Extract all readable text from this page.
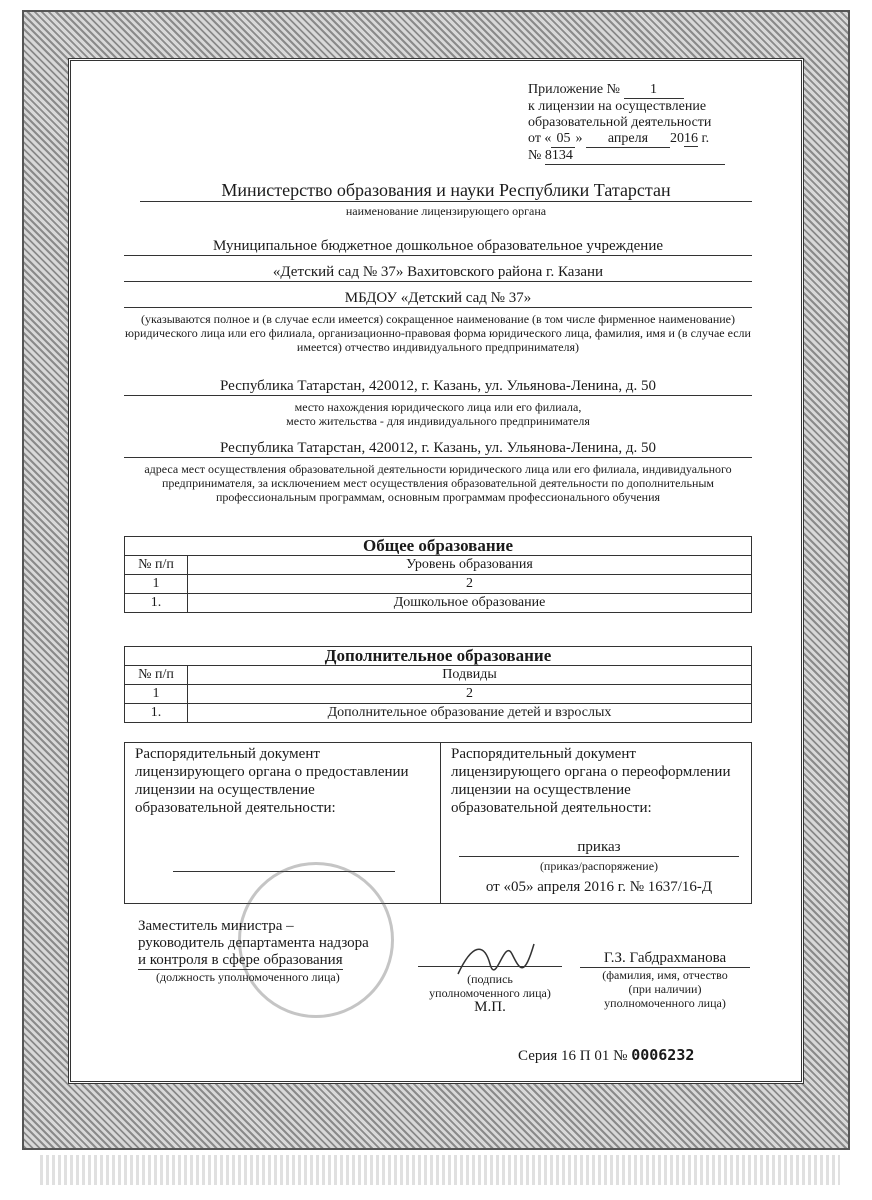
Приложение № 1
к лицензии на осуществление
образовательной деятельности
от « 05 » апреля 2016 г.
№ 8134
Министерство образования и науки Республики Татарстан
наименование лицензирующего органа
Муниципальное бюджетное дошкольное образовательное учреждение
«Детский сад № 37» Вахитовского района г. Казани
МБДОУ «Детский сад № 37»
(указываются полное и (в случае если имеется) сокращенное наименование (в том числе фирменное наименование) юридического лица или его филиала, организационно-правовая форма юридического лица, фамилия, имя и (в случае если имеется) отчество индивидуального предпринимателя)
Республика Татарстан, 420012, г. Казань, ул. Ульянова-Ленина, д. 50
место нахождения юридического лица или его филиала,
место жительства - для индивидуального предпринимателя
Республика Татарстан, 420012, г. Казань, ул. Ульянова-Ленина, д. 50
адреса мест осуществления образовательной деятельности юридического лица или его филиала, индивидуального предпринимателя, за исключением мест осуществления образовательной деятельности по дополнительным профессиональным программам, основным программам профессионального обучения
Общее образование	
№ п/п	Уровень образования
1	2
1.	Дошкольное образование
Дополнительное образование	
№ п/п	Подвиды
1	2
1.	Дополнительное образование детей и взрослых
Распорядительный документ лицензирующего органа о предоставлении лицензии на осуществление образовательной деятельности:
Распорядительный документ лицензирующего органа о переоформлении лицензии на осуществление образовательной деятельности:
приказ
(приказ/распоряжение)
от «05» апреля 2016 г. № 1637/16-Д
Заместитель министра –
руководитель департамента надзора
и контроля в сфере образования
(должность уполномоченного лица)	(подпись
уполномоченного лица)
М.П.
Г.З. Габдрахманова
(фамилия, имя, отчество
(при наличии)
уполномоченного лица)
Серия 16 П 01 № 0006232
